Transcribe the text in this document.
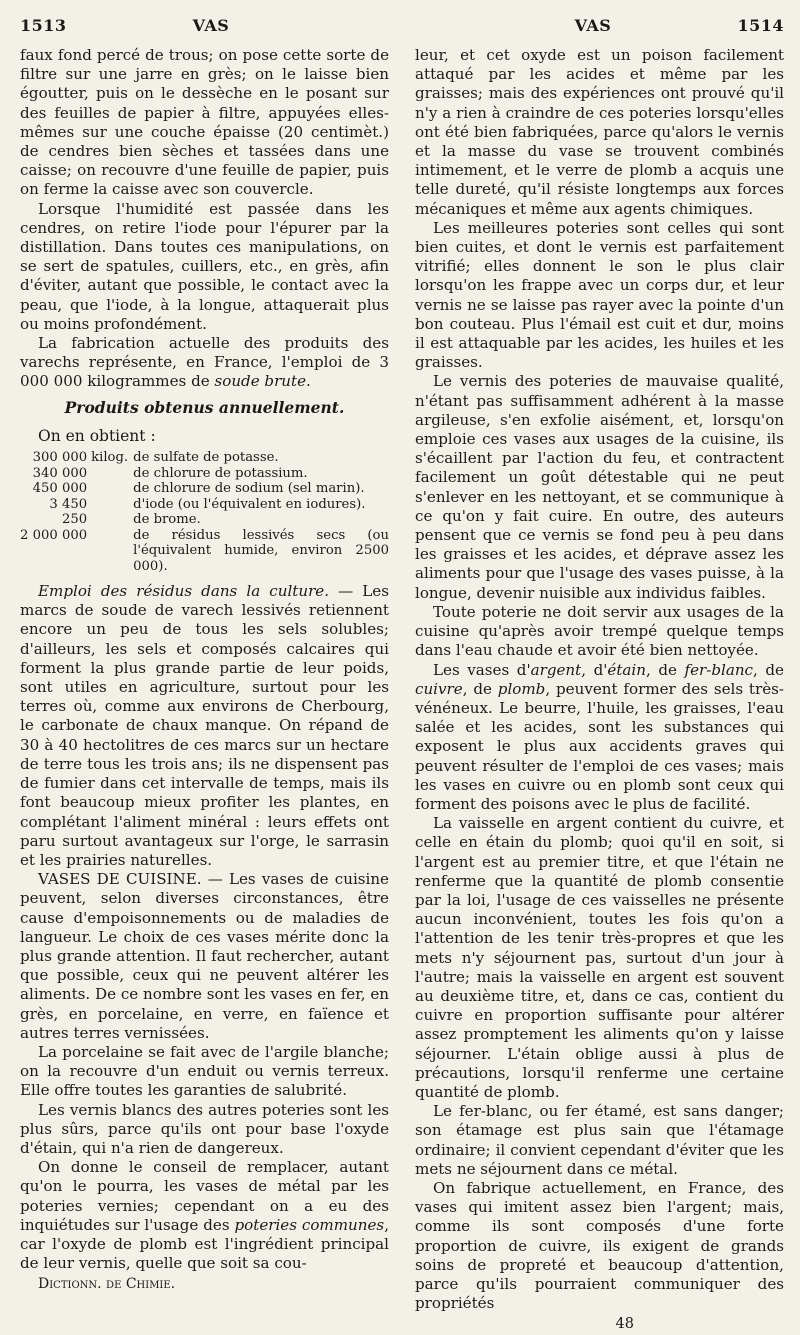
1513	VAS	VAS	1514

faux fond percé de trous; on pose cette sorte de filtre sur une jarre en grès; on le laisse bien égoutter, puis on le dessèche en le posant sur des feuilles de papier à filtre, appuyées elles-mêmes sur une couche épaisse (20 centimèt.) de cendres bien sèches et tassées dans une caisse; on recouvre d'une feuille de papier, puis on ferme la caisse avec son couvercle.

Lorsque l'humidité est passée dans les cendres, on retire l'iode pour l'épurer par la distillation. Dans toutes ces manipulations, on se sert de spatules, cuillers, etc., en grès, afin d'éviter, autant que possible, le contact avec la peau, que l'iode, à la longue, attaquerait plus ou moins profondément.

La fabrication actuelle des produits des varechs représente, en France, l'emploi de 3 000 000 kilogrammes de soude brute.

Produits obtenus annuellement.
On en obtient :
300 000	kilog.	de sulfate de potasse.
340 000		de chlorure de potassium.
450 000		de chlorure de sodium (sel marin).
3 450		d'iode (ou l'équivalent en iodures).
250		de brome.
2 000 000		de résidus lessivés secs (ou l'équivalent humide, environ 2500 000).

Emploi des résidus dans la culture. — Les marcs de soude de varech lessivés retiennent encore un peu de tous les sels solubles; d'ailleurs, les sels et composés calcaires qui forment la plus grande partie de leur poids, sont utiles en agriculture, surtout pour les terres où, comme aux environs de Cherbourg, le carbonate de chaux manque. On répand de 30 à 40 hectolitres de ces marcs sur un hectare de terre tous les trois ans; ils ne dispensent pas de fumier dans cet intervalle de temps, mais ils font beaucoup mieux profiter les plantes, en complétant l'aliment minéral : leurs effets ont paru surtout avantageux sur l'orge, le sarrasin et les prairies naturelles.

VASES DE CUISINE. — Les vases de cuisine peuvent, selon diverses circonstances, être cause d'empoisonnements ou de maladies de langueur. Le choix de ces vases mérite donc la plus grande attention. Il faut rechercher, autant que possible, ceux qui ne peuvent altérer les aliments. De ce nombre sont les vases en fer, en grès, en porcelaine, en verre, en faïence et autres terres vernissées.

La porcelaine se fait avec de l'argile blanche; on la recouvre d'un enduit ou vernis terreux. Elle offre toutes les garanties de salubrité.

Les vernis blancs des autres poteries sont les plus sûrs, parce qu'ils ont pour base l'oxyde d'étain, qui n'a rien de dangereux.

On donne le conseil de remplacer, autant qu'on le pourra, les vases de métal par les poteries vernies; cependant on a eu des inquiétudes sur l'usage des poteries communes, car l'oxyde de plomb est l'ingrédient principal de leur vernis, quelle que soit sa cou-

Dictionn. de Chimie.

leur, et cet oxyde est un poison facilement attaqué par les acides et même par les graisses; mais des expériences ont prouvé qu'il n'y a rien à craindre de ces poteries lorsqu'elles ont été bien fabriquées, parce qu'alors le vernis et la masse du vase se trouvent combinés intimement, et le verre de plomb a acquis une telle dureté, qu'il résiste longtemps aux forces mécaniques et même aux agents chimiques.

Les meilleures poteries sont celles qui sont bien cuites, et dont le vernis est parfaitement vitrifié; elles donnent le son le plus clair lorsqu'on les frappe avec un corps dur, et leur vernis ne se laisse pas rayer avec la pointe d'un bon couteau. Plus l'émail est cuit et dur, moins il est attaquable par les acides, les huiles et les graisses.

Le vernis des poteries de mauvaise qualité, n'étant pas suffisamment adhérent à la masse argileuse, s'en exfolie aisément, et, lorsqu'on emploie ces vases aux usages de la cuisine, ils s'écaillent par l'action du feu, et contractent facilement un goût détestable qui ne peut s'enlever en les nettoyant, et se communique à ce qu'on y fait cuire. En outre, des auteurs pensent que ce vernis se fond peu à peu dans les graisses et les acides, et déprave assez les aliments pour que l'usage des vases puisse, à la longue, devenir nuisible aux individus faibles.

Toute poterie ne doit servir aux usages de la cuisine qu'après avoir trempé quelque temps dans l'eau chaude et avoir été bien nettoyée.

Les vases d'argent, d'étain, de fer-blanc, de cuivre, de plomb, peuvent former des sels très-vénéneux. Le beurre, l'huile, les graisses, l'eau salée et les acides, sont les substances qui exposent le plus aux accidents graves qui peuvent résulter de l'emploi de ces vases; mais les vases en cuivre ou en plomb sont ceux qui forment des poisons avec le plus de facilité.

La vaisselle en argent contient du cuivre, et celle en étain du plomb; quoi qu'il en soit, si l'argent est au premier titre, et que l'étain ne renferme que la quantité de plomb consentie par la loi, l'usage de ces vaisselles ne présente aucun inconvénient, toutes les fois qu'on a l'attention de les tenir très-propres et que les mets n'y séjournent pas, surtout d'un jour à l'autre; mais la vaisselle en argent est souvent au deuxième titre, et, dans ce cas, contient du cuivre en proportion suffisante pour altérer assez promptement les aliments qu'on y laisse séjourner. L'étain oblige aussi à plus de précautions, lorsqu'il renferme une certaine quantité de plomb.

Le fer-blanc, ou fer étamé, est sans danger; son étamage est plus sain que l'étamage ordinaire; il convient cependant d'éviter que les mets ne séjournent dans ce métal.

On fabrique actuellement, en France, des vases qui imitent assez bien l'argent; mais, comme ils sont composés d'une forte proportion de cuivre, ils exigent de grands soins de propreté et beaucoup d'attention, parce qu'ils pourraient communiquer des propriétés

48
